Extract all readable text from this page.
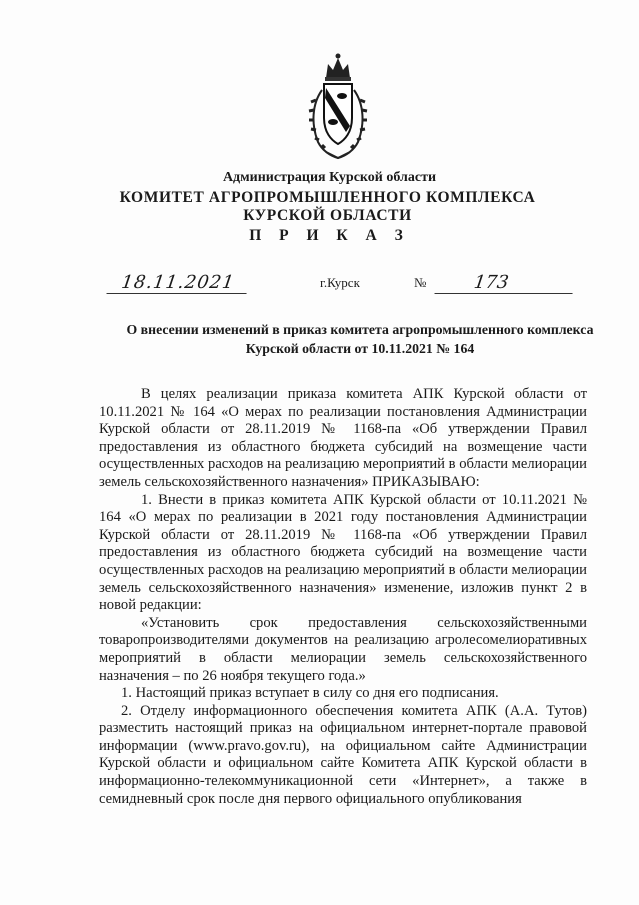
Администрация Курской области

КОМИТЕТ АГРОПРОМЫШЛЕННОГО КОМПЛЕКСА

КУРСКОЙ ОБЛАСТИ

П Р И К А З

18.11.2021	г.Курск	№	173

О внесении изменений в приказ комитета агропромышленного комплекса Курской области от 10.11.2021 № 164

В целях реализации приказа комитета АПК Курской области от 10.11.2021 № 164 «О мерах по реализации постановления Администрации Курской области от 28.11.2019 № 1168-па «Об утверждении Правил предоставления из областного бюджета субсидий на возмещение части осуществленных расходов на реализацию мероприятий в области мелиорации земель сельскохозяйственного назначения» ПРИКАЗЫВАЮ:

1. Внести в приказ комитета АПК Курской области от 10.11.2021 № 164 «О мерах по реализации в 2021 году постановления Администрации Курской области от 28.11.2019 № 1168-па «Об утверждении Правил предоставления из областного бюджета субсидий на возмещение части осуществленных расходов на реализацию мероприятий в области мелиорации земель сельскохозяйственного назначения» изменение, изложив пункт 2 в новой редакции:

«Установить срок предоставления сельскохозяйственными товаропроизводителями документов на реализацию агролесомелиоративных мероприятий в области мелиорации земель сельскохозяйственного назначения – по 26 ноября текущего года.»

1. Настоящий приказ вступает в силу со дня его подписания.

2. Отделу информационного обеспечения комитета АПК (А.А. Тутов) разместить настоящий приказ на официальном интернет-портале правовой информации (www.pravo.gov.ru), на официальном сайте Администрации Курской области и официальном сайте Комитета АПК Курской области в информационно-телекоммуникационной сети «Интернет», а также в семидневный срок после дня первого официального опубликования
